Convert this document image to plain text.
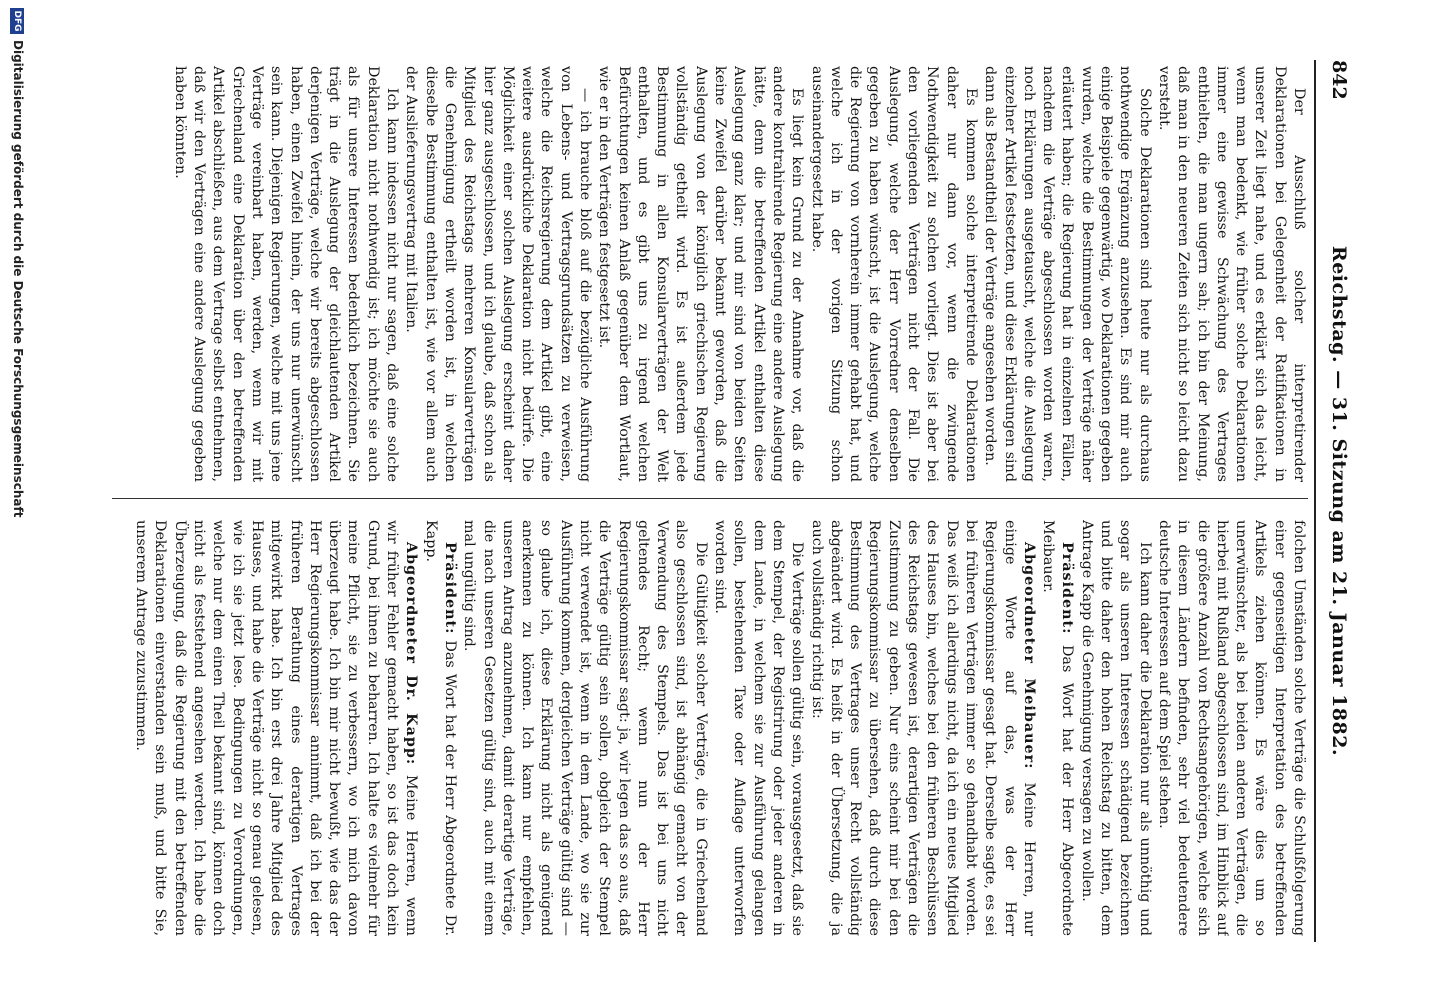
842
Reichstag. — 31. Sitzung am 21. Januar 1882.

Der Ausschluß solcher interpretirender Deklarationen bei Gelegenheit der Ratifikationen in unserer Zeit liegt nahe, und es erklärt sich das leicht, wenn man bedenkt, wie früher solche Deklarationen immer eine gewisse Schwächung des Vertrages enthielten, die man ungern sah; ich bin der Meinung, daß man in den neueren Zeiten sich nicht so leicht dazu versteht.

Solche Deklarationen sind heute nur als durchaus nothwendige Ergänzung anzusehen. Es sind mir auch einige Beispiele gegenwärtig, wo Deklarationen gegeben wurden, welche die Bestimmungen der Verträge näher erläutert haben; die Regierung hat in einzelnen Fällen, nachdem die Verträge abgeschlossen worden waren, noch Erklärungen ausgetauscht, welche die Auslegung einzelner Artikel festsetzten, und diese Erklärungen sind dann als Bestandtheil der Verträge angesehen worden.

Es kommen solche interpretirende Deklarationen daher nur dann vor, wenn die zwingende Nothwendigkeit zu solchen vorliegt. Dies ist aber bei den vorliegenden Verträgen nicht der Fall. Die Auslegung, welche der Herr Vorredner denselben gegeben zu haben wünscht, ist die Auslegung, welche die Regierung von vornherein immer gehabt hat, und welche ich in der vorigen Sitzung schon auseinandergesetzt habe.

Es liegt kein Grund zu der Annahme vor, daß die andere kontrahirende Regierung eine andere Auslegung hätte, denn die betreffenden Artikel enthalten diese Auslegung ganz klar; und mir sind von beiden Seiten keine Zweifel darüber bekannt geworden, daß die Auslegung von der königlich griechischen Regierung vollständig getheilt wird. Es ist außerdem jede Bestimmung in allen Konsularverträgen der Welt enthalten, und es gibt uns zu irgend welchen Befürchtungen keinen Anlaß gegenüber dem Wortlaut, wie er in den Verträgen festgesetzt ist.

— ich brauche bloß auf die bezügliche Ausführung von Lebens- und Vertragsgrundsätzen zu verweisen, welche die Reichsregierung dem Artikel gibt, eine weitere ausdrückliche Deklaration nicht bedürfe. Die Möglichkeit einer solchen Auslegung erscheint daher hier ganz ausgeschlossen, und ich glaube, daß schon als Mitglied des Reichstags mehreren Konsularverträgen die Genehmigung ertheilt worden ist, in welchen dieselbe Bestimmung enthalten ist, wie vor allem auch der Auslieferungsvertrag mit Italien.

Ich kann indessen nicht nur sagen, daß eine solche Deklaration nicht nothwendig ist; ich möchte sie auch als für unsere Interessen bedenklich bezeichnen. Sie trägt in die Auslegung der gleichlautenden Artikel derjenigen Verträge, welche wir bereits abgeschlossen haben, einen Zweifel hinein, der uns nur unerwünscht sein kann. Diejenigen Regierungen, welche mit uns jene Verträge vereinbart haben, werden, wenn wir mit Griechenland eine Deklaration über den betreffenden Artikel abschließen, aus dem Vertrage selbst entnehmen, daß wir den Verträgen eine andere Auslegung gegeben haben könnten.

folchen Umständen solche Verträge die Schlußfolgerung einer gegenseitigen Interpretation des betreffenden Artikels ziehen können. Es wäre dies um so unerwünschter, als bei beiden anderen Verträgen, die hierbei mit Rußland abgeschlossen sind, im Hinblick auf die größere Anzahl von Rechtsangehörigen, welche sich in diesem Ländern befinden, sehr viel bedeutendere deutsche Interessen auf dem Spiel stehen.

Ich kann daher die Deklaration nur als unnöthig und sogar als unseren Interessen schädigend bezeichnen und bitte daher den hohen Reichstag zu bitten, dem Antrage Kapp die Genehmigung versagen zu wollen.

Präsident: Das Wort hat der Herr Abgeordnete Meibauer.

Abgeordneter Meibauer: Meine Herren, nur einige Worte auf das, was der Herr Regierungskommissar gesagt hat. Derselbe sagte, es sei bei früheren Verträgen immer so gehandhabt worden. Das weiß ich allerdings nicht, da ich ein neues Mitglied des Hauses bin, welches bei den früheren Beschlüssen des Reichstags gewesen ist, derartigen Verträgen die Zustimmung zu geben. Nur eins scheint mir bei den Regierungskommissar zu übersehen, daß durch diese Bestimmung des Vertrages unser Recht vollständig abgeändert wird. Es heißt in der Übersetzung, die ja auch vollständig richtig ist:

Die Verträge sollen gültig sein, vorausgesetzt, daß sie dem Stempel, der Registrirung oder jeder anderen in dem Lande, in welchem sie zur Ausführung gelangen sollen, bestehenden Taxe oder Auflage unterworfen worden sind.

Die Gültigkeit solcher Verträge, die in Griechenland also geschlossen sind, ist abhängig gemacht von der Verwendung des Stempels. Das ist bei uns nicht geltendes Recht; wenn nun der Herr Regierungskommissar sagt: ja, wir legen das so aus, daß die Verträge gültig sein sollen, obgleich der Stempel nicht verwendet ist, wenn in dem Lande, wo sie zur Ausführung kommen, dergleichen Verträge gültig sind — so glaube ich, diese Erklärung nicht als genügend anerkennen zu können. Ich kann nur empfehlen, unseren Antrag anzunehmen, damit derartige Verträge, die nach unseren Gesetzen gültig sind, auch mit einem mal ungültig sind.

Präsident: Das Wort hat der Herr Abgeordnete Dr. Kapp.

Abgeordneter Dr. Kapp: Meine Herren, wenn wir früher Fehler gemacht haben, so ist das doch kein Grund, bei ihnen zu beharren. Ich halte es vielmehr für meine Pflicht, sie zu verbessern, wo ich mich davon überzeugt habe. Ich bin mir nicht bewußt, wie das der Herr Regierungskommissar annimmt, daß ich bei der früheren Berathung eines derartigen Vertrages mitgewirkt habe. Ich bin erst drei Jahre Mitglied des Hauses, und habe die Verträge nicht so genau gelesen, wie ich sie jetzt lese. Bedingungen zu Verordnungen, welche nur dem einen Theil bekannt sind, können doch nicht als feststehend angesehen werden. Ich habe die Überzeugung, daß die Regierung mit den betreffenden Deklarationen einverstanden sein muß, und bitte Sie, unserem Antrage zuzustimmen.

DFG
Digitalisierung gefördert durch die Deutsche Forschungsgemeinschaft
